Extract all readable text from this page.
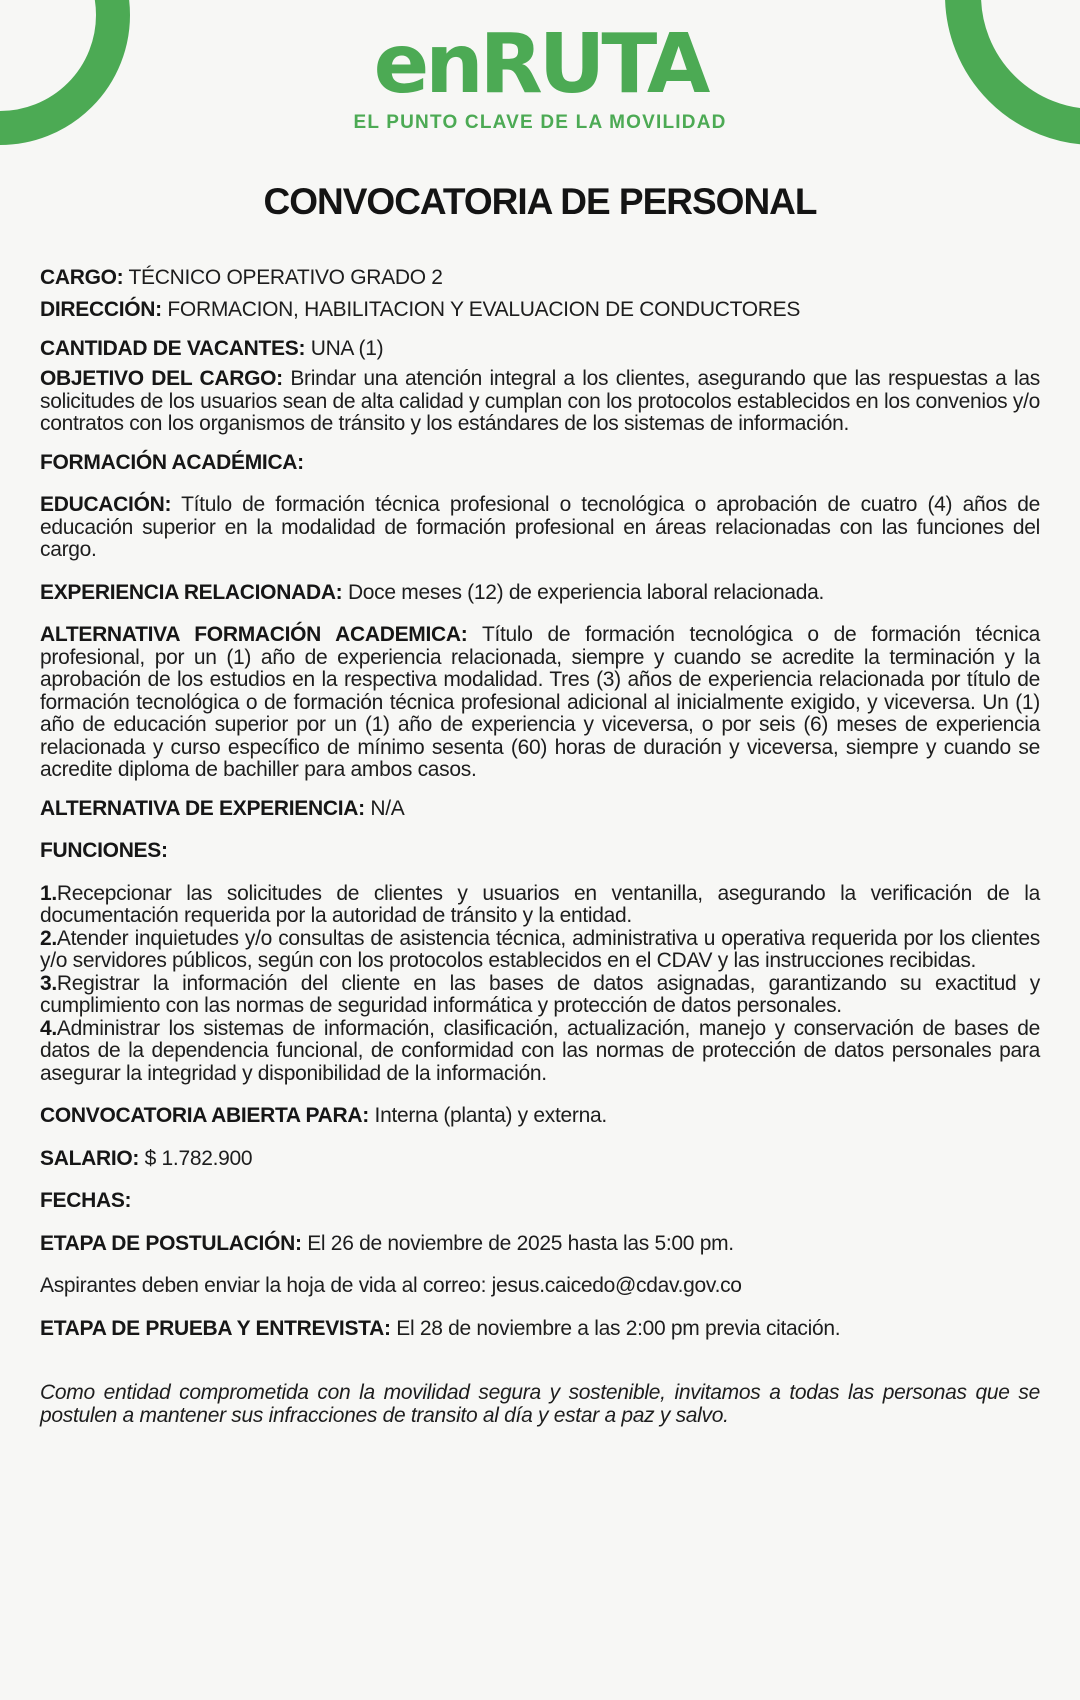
enRUTA
EL PUNTO CLAVE DE LA MOVILIDAD
CONVOCATORIA DE PERSONAL

CARGO: TÉCNICO OPERATIVO GRADO 2

DIRECCIÓN: FORMACION, HABILITACION Y EVALUACION DE CONDUCTORES

CANTIDAD DE VACANTES: UNA (1)

OBJETIVO DEL CARGO: Brindar una atención integral a los clientes, asegurando que las respuestas a las solicitudes de los usuarios sean de alta calidad y cumplan con los protocolos establecidos en los convenios y/o contratos con los organismos de tránsito y los estándares de los sistemas de información.

FORMACIÓN ACADÉMICA:

EDUCACIÓN: Título de formación técnica profesional o tecnológica o aprobación de cuatro (4) años de educación superior en la modalidad de formación profesional en áreas relacionadas con las funciones del cargo.

EXPERIENCIA RELACIONADA: Doce meses (12) de experiencia laboral relacionada.

ALTERNATIVA FORMACIÓN ACADEMICA: Título de formación tecnológica o de formación técnica profesional, por un (1) año de experiencia relacionada, siempre y cuando se acredite la terminación y la aprobación de los estudios en la respectiva modalidad. Tres (3) años de experiencia relacionada por título de formación tecnológica o de formación técnica profesional adicional al inicialmente exigido, y viceversa. Un (1) año de educación superior por un (1) año de experiencia y viceversa, o por seis (6) meses de experiencia relacionada y curso específico de mínimo sesenta (60) horas de duración y viceversa, siempre y cuando se acredite diploma de bachiller para ambos casos.

ALTERNATIVA DE EXPERIENCIA: N/A

FUNCIONES:

1.Recepcionar las solicitudes de clientes y usuarios en ventanilla, asegurando la verificación de la documentación requerida por la autoridad de tránsito y la entidad.

2.Atender inquietudes y/o consultas de asistencia técnica, administrativa u operativa requerida por los clientes y/o servidores públicos, según con los protocolos establecidos en el CDAV y las instrucciones recibidas.

3.Registrar la información del cliente en las bases de datos asignadas, garantizando su exactitud y cumplimiento con las normas de seguridad informática y protección de datos personales.

4.Administrar los sistemas de información, clasificación, actualización, manejo y conservación de bases de datos de la dependencia funcional, de conformidad con las normas de protección de datos personales para asegurar la integridad y disponibilidad de la información.

CONVOCATORIA ABIERTA PARA: Interna (planta) y externa.

SALARIO: $ 1.782.900

FECHAS:

ETAPA DE POSTULACIÓN: El 26 de noviembre de 2025 hasta las 5:00 pm.

Aspirantes deben enviar la hoja de vida al correo: jesus.caicedo@cdav.gov.co

ETAPA DE PRUEBA Y ENTREVISTA: El 28 de noviembre a las 2:00 pm previa citación.

Como entidad comprometida con la movilidad segura y sostenible, invitamos a todas las personas que se postulen a mantener sus infracciones de transito al día y estar a paz y salvo.
